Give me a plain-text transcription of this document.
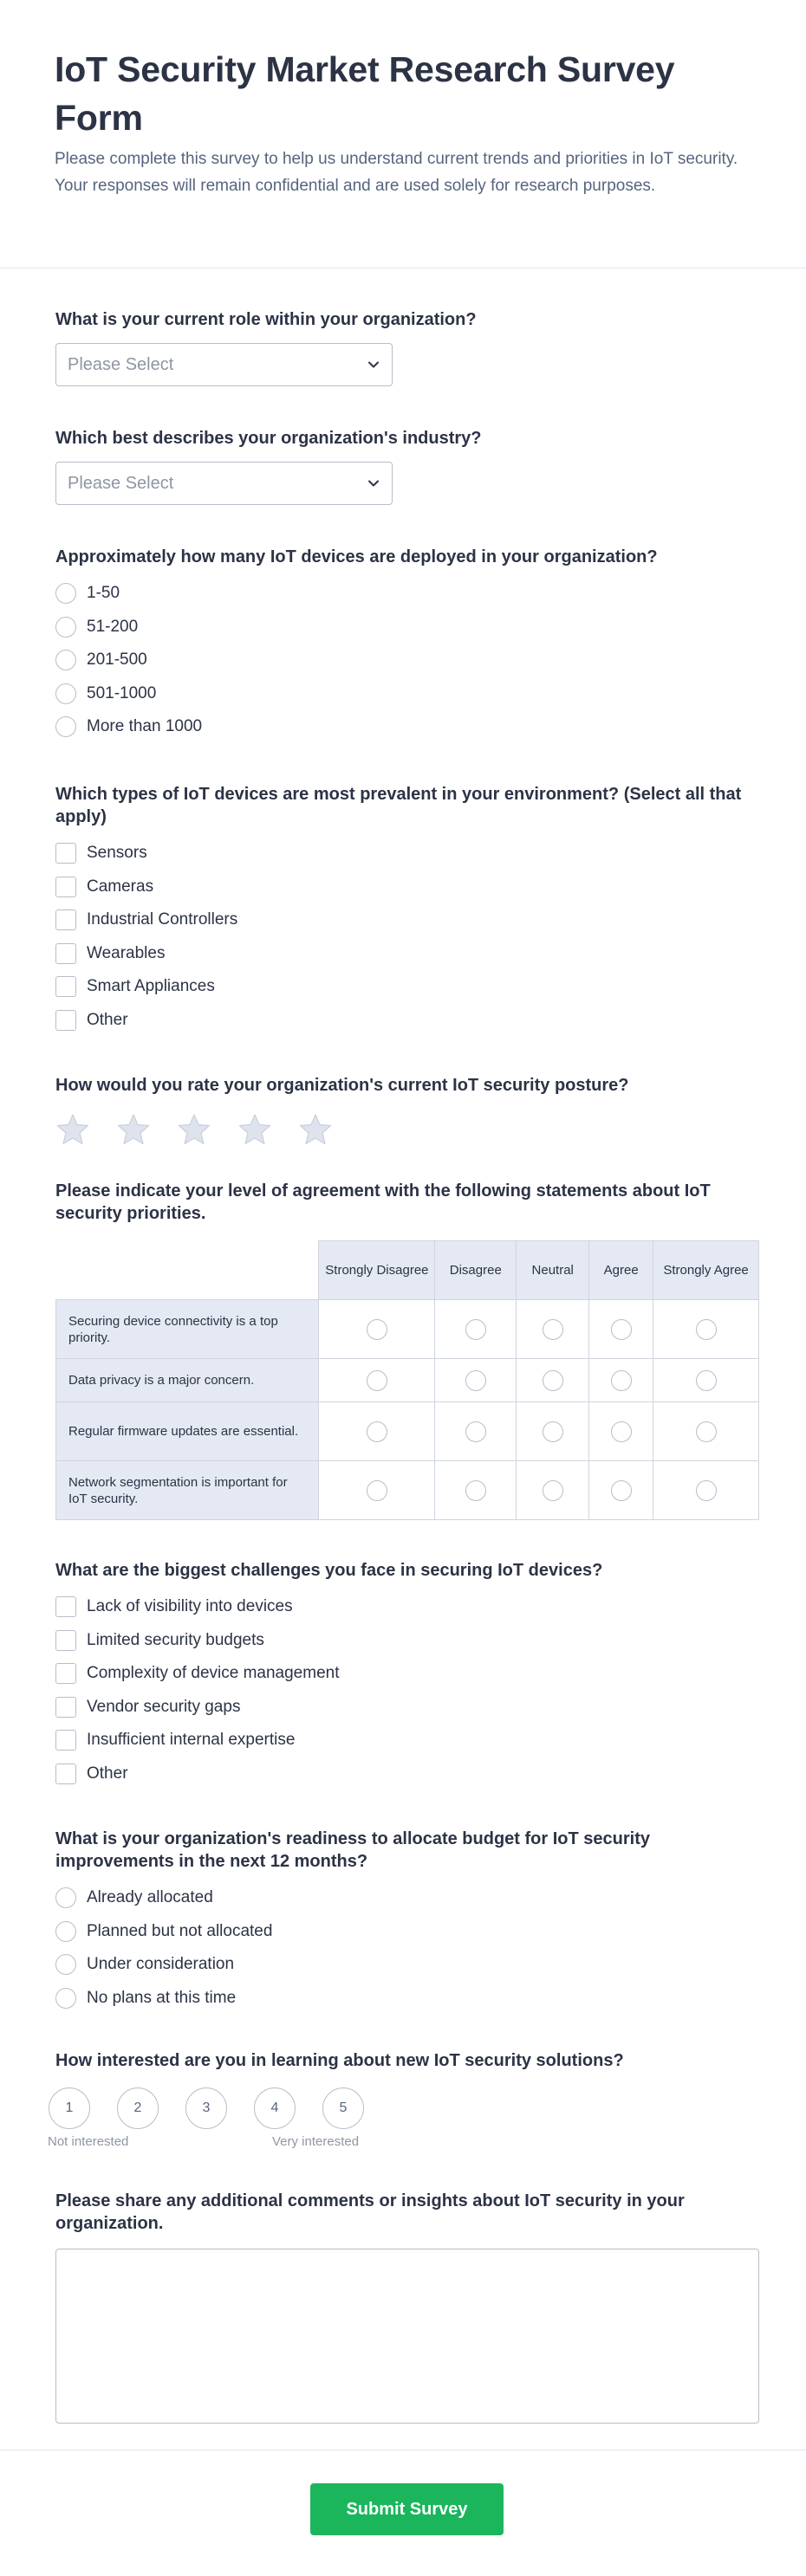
IoT Security Market Research Survey Form

Please complete this survey to help us understand current trends and priorities in IoT security. Your responses will remain confidential and are used solely for research purposes.

What is your current role within your organization?
Please Select
Which best describes your organization's industry?
Please Select
Approximately how many IoT devices are deployed in your organization?
1-50
51-200
201-500
501-1000
More than 1000
Which types of IoT devices are most prevalent in your environment? (Select all that apply)
Sensors
Cameras
Industrial Controllers
Wearables
Smart Appliances
Other
How would you rate your organization's current IoT security posture?
Please indicate your level of agreement with the following statements about IoT security priorities.
	Strongly Disagree	Disagree	Neutral	Agree	Strongly Agree
Securing device connectivity is a top priority.					
Data privacy is a major concern.					
Regular firmware updates are essential.					
Network segmentation is important for IoT security.					
What are the biggest challenges you face in securing IoT devices?
Lack of visibility into devices
Limited security budgets
Complexity of device management
Vendor security gaps
Insufficient internal expertise
Other
What is your organization's readiness to allocate budget for IoT security improvements in the next 12 months?
Already allocated
Planned but not allocated
Under consideration
No plans at this time
How interested are you in learning about new IoT security solutions?
1	2	3	4	5
Not interested	Very interested
Please share any additional comments or insights about IoT security in your organization.
Submit Survey
